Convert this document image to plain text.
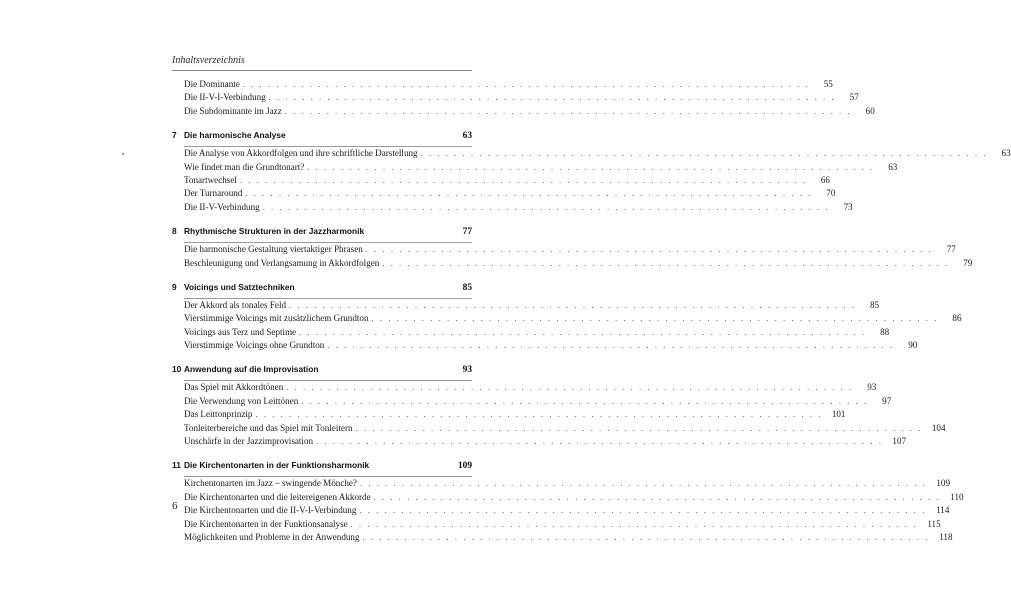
Inhaltsverzeichnis
Die Dominante . . .	55
Die II-V-I-Verbindung . . .	57
Die Subdominante im Jazz . . .	60
7 Die harmonische Analyse	63
Die Analyse von Akkordfolgen und ihre schriftliche Darstellung . . .	63
Wie findet man die Grundtonart? . . .	63
Tonartwechsel . . .	66
Der Turnaround . . .	70
Die II-V-Verbindung . . .	73
8 Rhythmische Strukturen in der Jazzharmonik	77
Die harmonische Gestaltung viertaktiger Phrasen . . .	77
Beschleunigung und Verlangsamung in Akkordfolgen . . .	79
9 Voicings und Satztechniken	85
Der Akkord als tonales Feld . . .	85
Vierstimmige Voicings mit zusätzlichem Grundton . . .	86
Voicings aus Terz und Septime . . .	88
Vierstimmige Voicings ohne Grundton . . .	90
10 Anwendung auf die Improvisation	93
Das Spiel mit Akkordtönen . . .	93
Die Verwendung von Leittönen . . .	97
Das Leittonprinzip . . .	101
Tonleiterbereiche und das Spiel mit Tonleitern . . .	104
Unschärfe in der Jazzimprovisation . . .	107
11 Die Kirchentonarten in der Funktionsharmonik	109
Kirchentonarten im Jazz – swingende Mönche? . . .	109
Die Kirchentonarten und die leitereigenen Akkorde . . .	110
Die Kirchentonarten und die II-V-I-Verbindung . . .	114
Die Kirchentonarten in der Funktionsanalyse . . .	115
Möglichkeiten und Probleme in der Anwendung . . .	118
6
